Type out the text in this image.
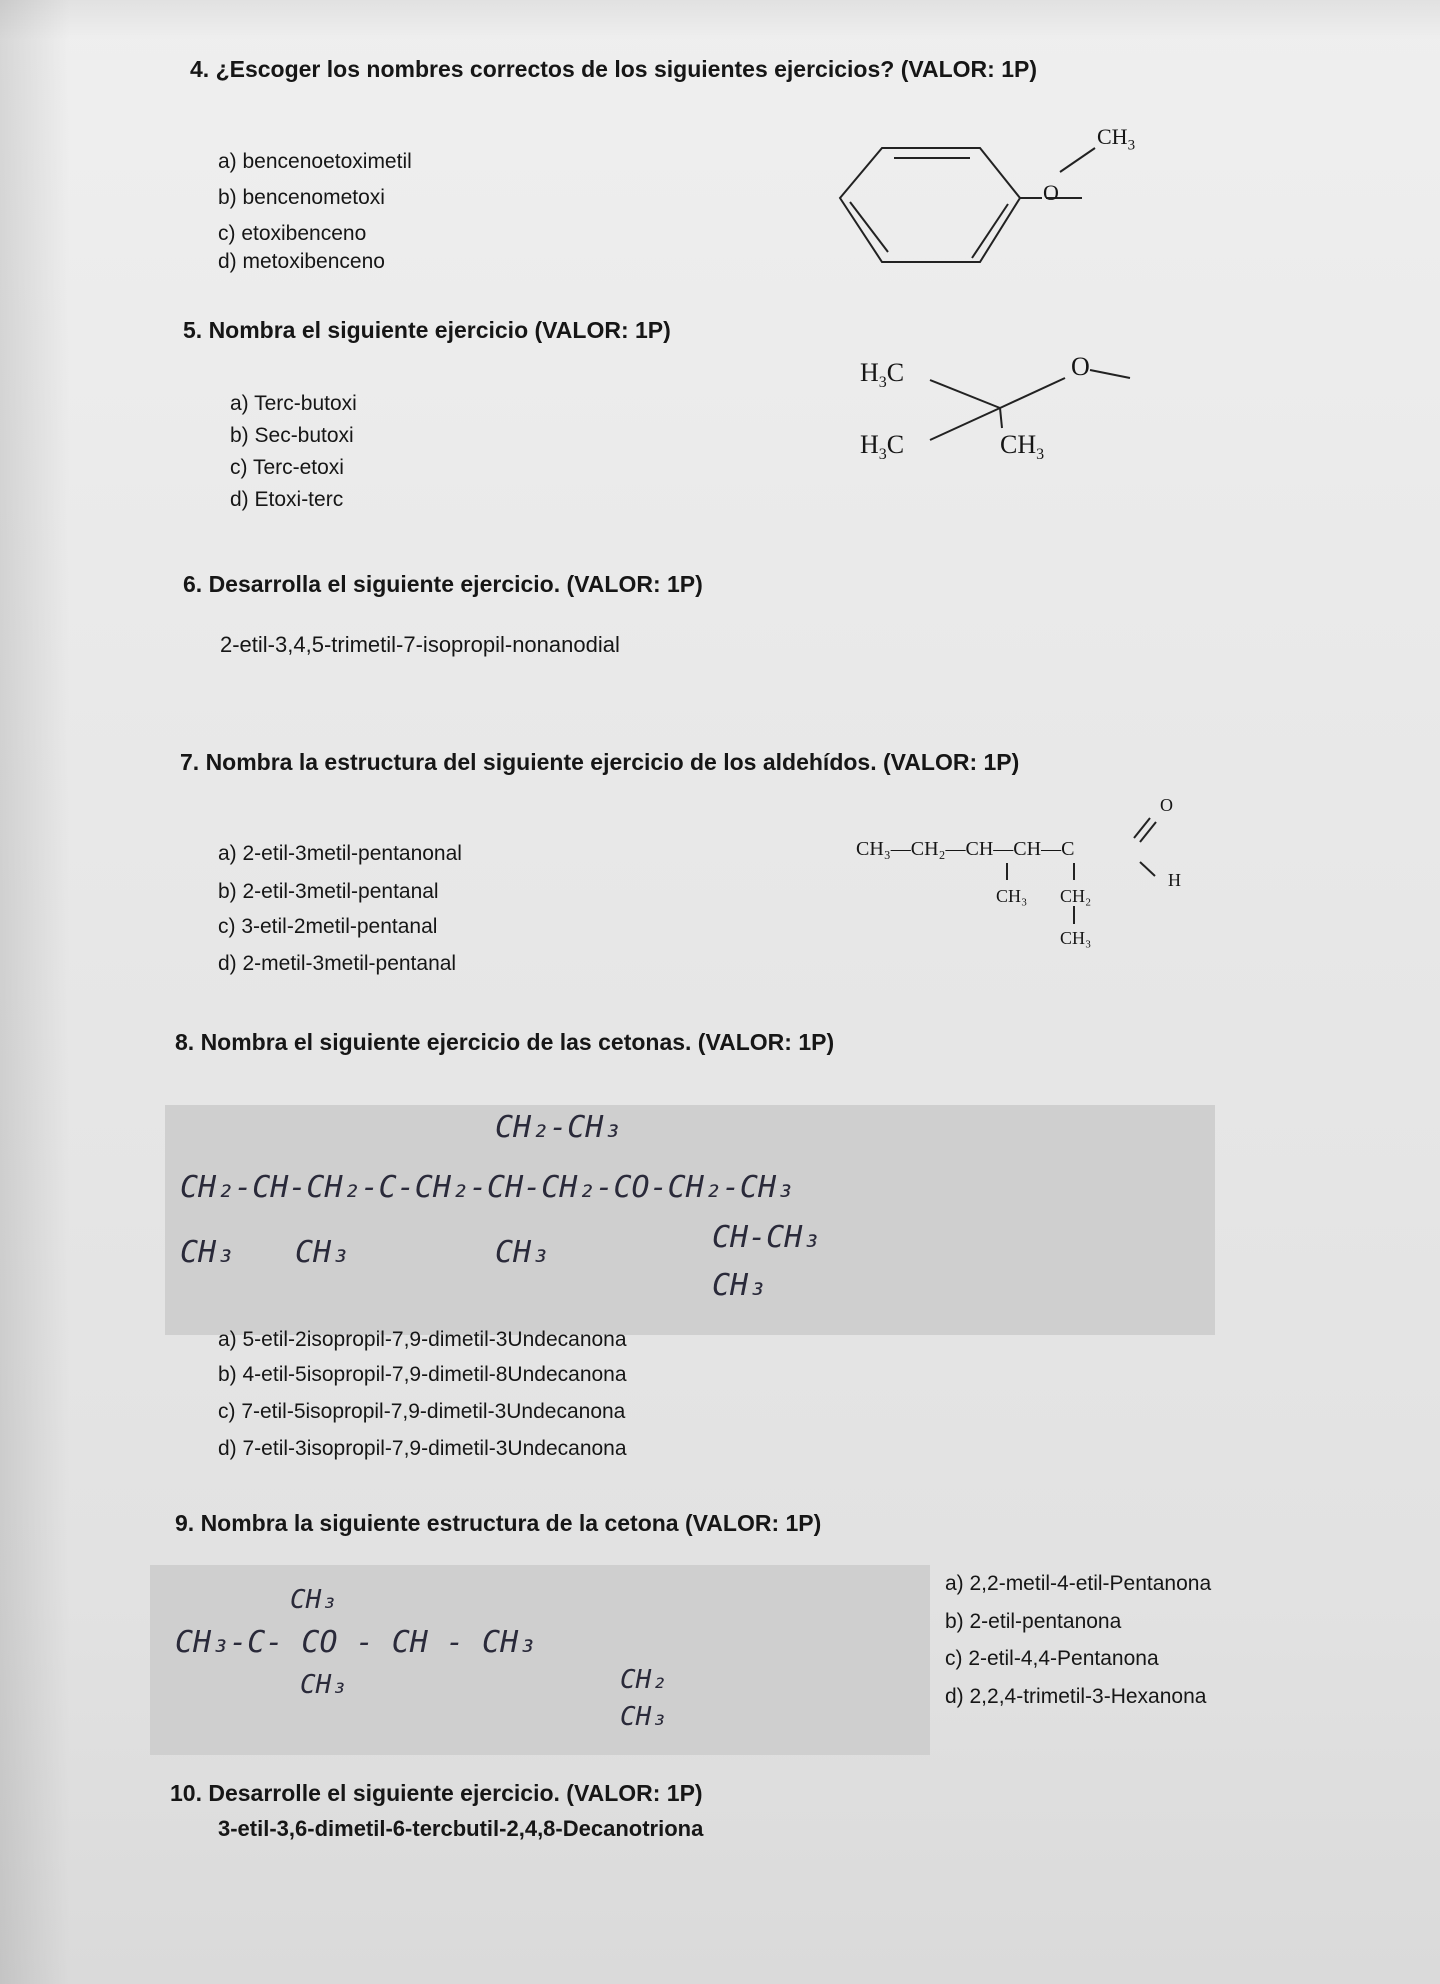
4. ¿Escoger los nombres correctos de los siguientes ejercicios? (VALOR: 1P)
a) bencenoetoximetil
b) bencenometoxi
c) etoxibenceno
d) metoxibenceno
$CH_3$
O
5. Nombra el siguiente ejercicio (VALOR: 1P)
a) Terc-butoxi
b) Sec-butoxi
c) Terc-etoxi
d) Etoxi-terc
$H_3C$
$H_3C$
O
$CH_3$
6. Desarrolla el siguiente ejercicio. (VALOR: 1P)
2-etil-3,4,5-trimetil-7-isopropil-nonanodial
7. Nombra la estructura del siguiente ejercicio de los aldehídos. (VALOR: 1P)
a) 2-etil-3metil-pentanonal
b) 2-etil-3metil-pentanal
c) 3-etil-2metil-pentanal
d) 2-metil-3metil-pentanal
CH₃—CH₂—CH—CH—C
O
H
CH₃ CH₂
CH₃
8. Nombra el siguiente ejercicio de las cetonas. (VALOR: 1P)
CH₂-CH₃
CH₂-CH-CH₂-C-CH₂-CH-CH₂-CO-CH₂-CH₃
CH₃ CH₃	CH₃	CH-CH₃
CH₃
a) 5-etil-2isopropil-7,9-dimetil-3Undecanona
b) 4-etil-5isopropil-7,9-dimetil-8Undecanona
c) 7-etil-5isopropil-7,9-dimetil-3Undecanona
d) 7-etil-3isopropil-7,9-dimetil-3Undecanona
9. Nombra la siguiente estructura de la cetona (VALOR: 1P)
CH₃
CH₃-C- CO - CH - CH₃
CH₃	CH₂
CH₃
a) 2,2-metil-4-etil-Pentanona
b) 2-etil-pentanona
c) 2-etil-4,4-Pentanona
d) 2,2,4-trimetil-3-Hexanona
10. Desarrolle el siguiente ejercicio. (VALOR: 1P)
3-etil-3,6-dimetil-6-tercbutil-2,4,8-Decanotriona
